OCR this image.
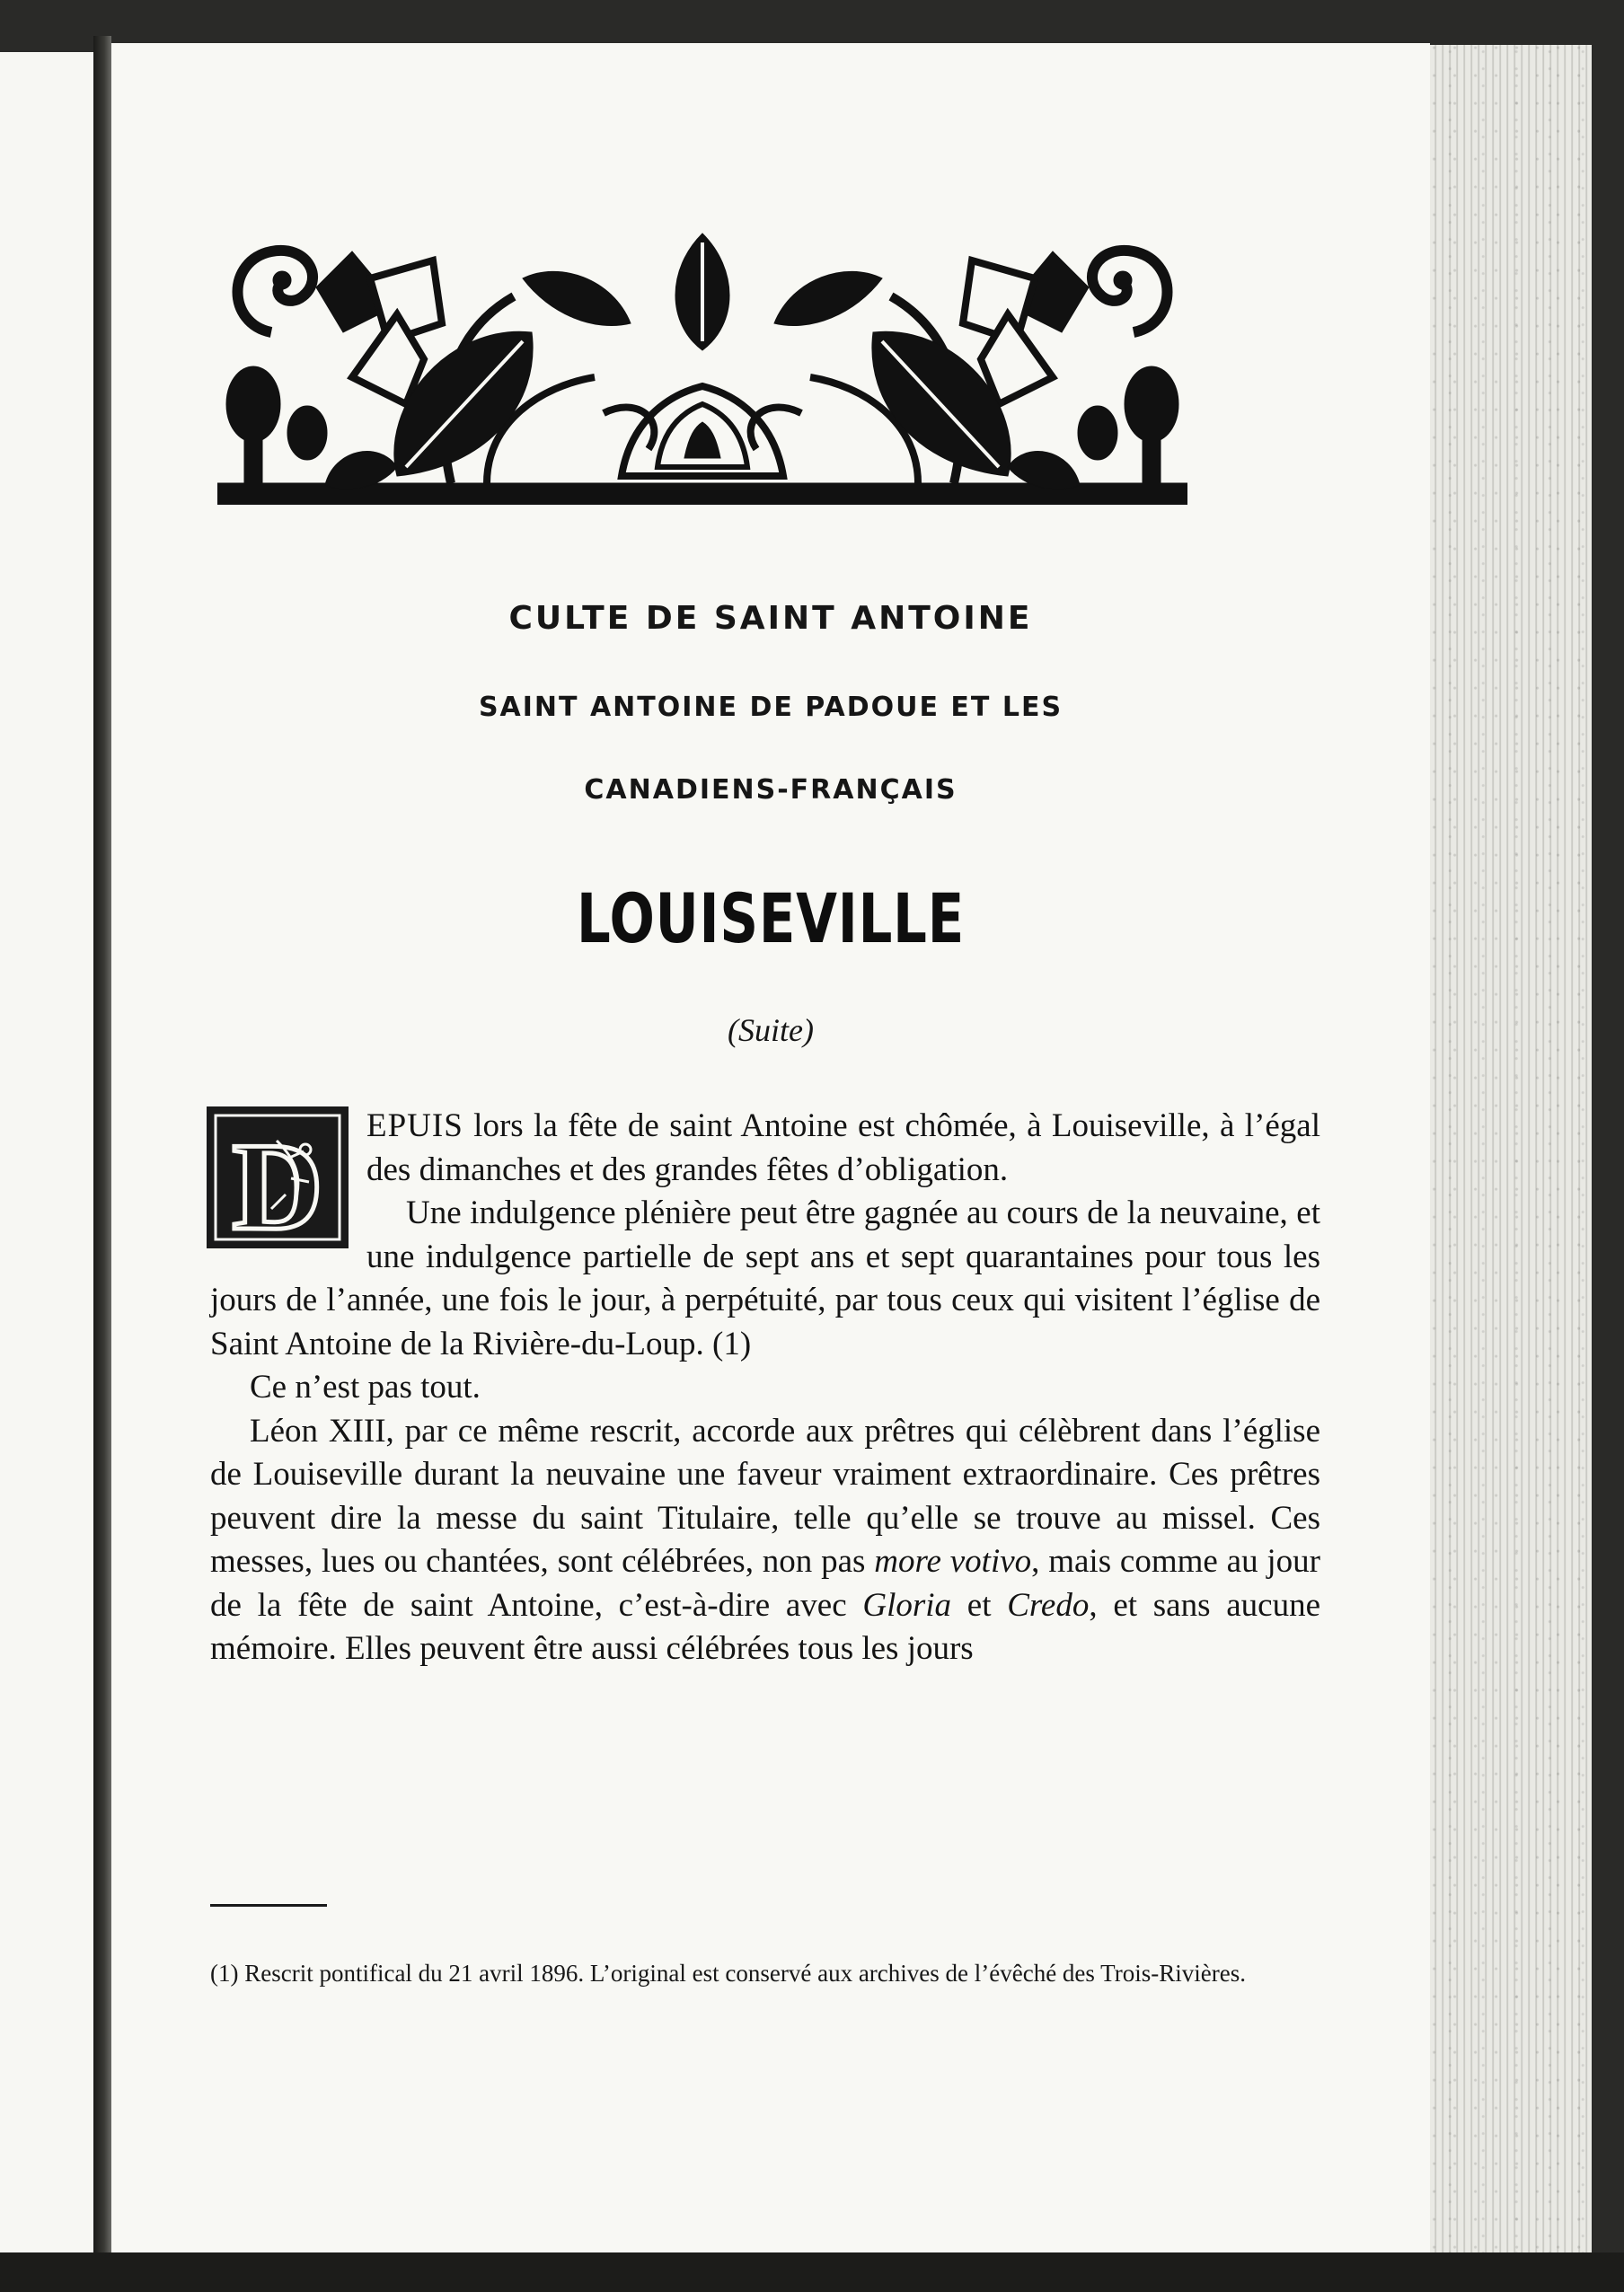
CULTE DE SAINT ANTOINE
SAINT ANTOINE DE PADOUE ET LES
CANADIENS-FRANÇAIS
LOUISEVILLE
(Suite)
D	EPUIS lors la fête de saint Antoine est chômée, à Louiseville, à l’égal des dimanches et des grandes fêtes d’obligation.

Une indulgence plénière peut être gagnée au cours de la neuvaine, et une indulgence partielle de sept ans et sept quarantaines pour tous les jours de l’année, une fois le jour, à perpétuité, par tous ceux qui visitent l’église de Saint Antoine de la Rivière-du-Loup. (1)

Ce n’est pas tout.

Léon XIII, par ce même rescrit, accorde aux prêtres qui célèbrent dans l’église de Louiseville durant la neuvaine une faveur vraiment extraordinaire. Ces prêtres peuvent dire la messe du saint Titulaire, telle qu’elle se trouve au missel. Ces messes, lues ou chantées, sont célébrées, non pas more votivo, mais comme au jour de la fête de saint Antoine, c’est-à-dire avec Gloria et Credo, et sans aucune mémoire. Elles peuvent être aussi célébrées tous les jours

(1) Rescrit pontifical du 21 avril 1896. L’original est conservé aux archives de l’évêché des Trois-Rivières.
